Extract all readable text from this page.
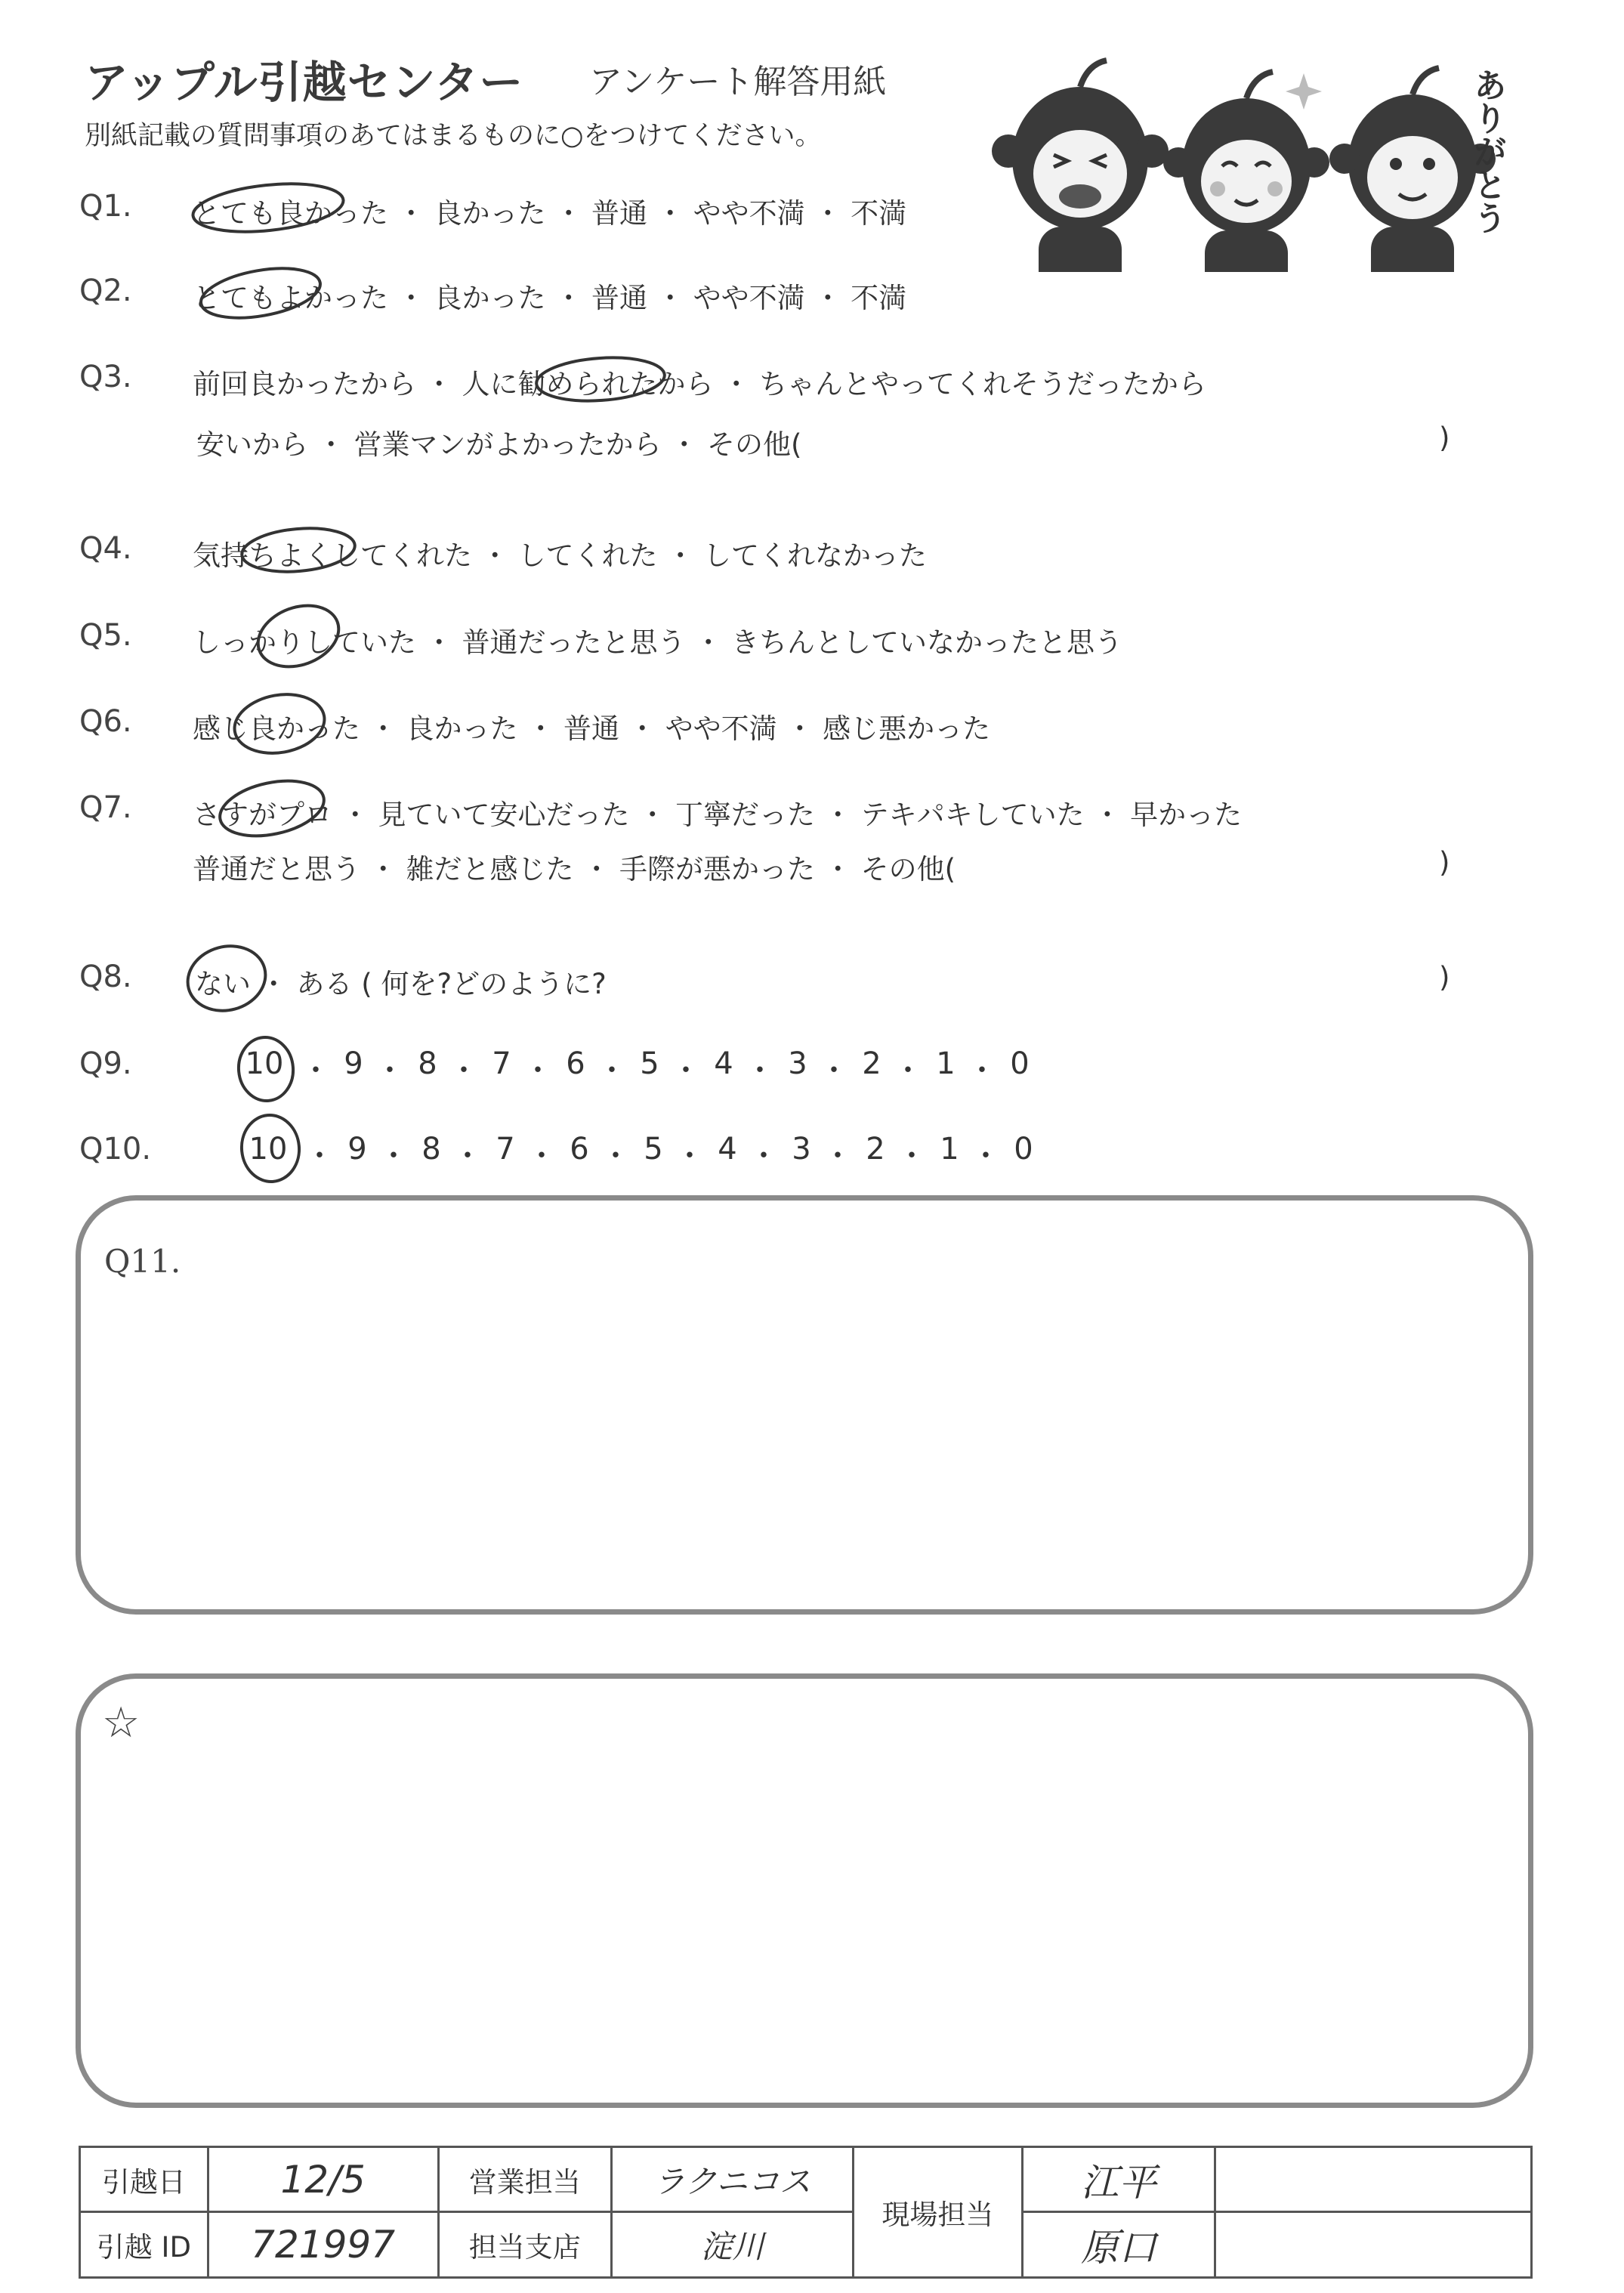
アップル引越センター アンケート解答用紙
別紙記載の質問事項のあてはまるものに○をつけてください。	ありがとう
Q1. とても良かった ・ 良かった ・ 普通 ・ やや不満 ・ 不満
Q2. とてもよかった ・ 良かった ・ 普通 ・ やや不満 ・ 不満
Q3. 前回良かったから ・ 人に勧められたから ・ ちゃんとやってくれそうだったから
安いから ・ 営業マンがよかったから ・ その他(	)
Q4. 気持ちよくしてくれた ・ してくれた ・ してくれなかった
Q5. しっかりしていた ・ 普通だったと思う ・ きちんとしていなかったと思う
Q6. 感じ良かった ・ 良かった ・ 普通 ・ やや不満 ・ 感じ悪かった
Q7. さすがプロ ・ 見ていて安心だった ・ 丁寧だった ・ テキパキしていた ・ 早かった
普通だと思う ・ 雑だと感じた ・ 手際が悪かった ・ その他(	)
Q8. ない ・ ある ( 何を?どのように?	)
Q9.	10 ・ 9 ・ 8 ・ 7 ・ 6 ・ 5 ・ 4 ・ 3 ・ 2 ・ 1 ・ 0
Q10.	10 ・ 9 ・ 8 ・ 7 ・ 6 ・ 5 ・ 4 ・ 3 ・ 2 ・ 1 ・ 0
Q11.
☆
引越日	12/5	営業担当	ラクニコス	現場担当	江平	
引越 ID	721997	担当支店	淀川		原口	
